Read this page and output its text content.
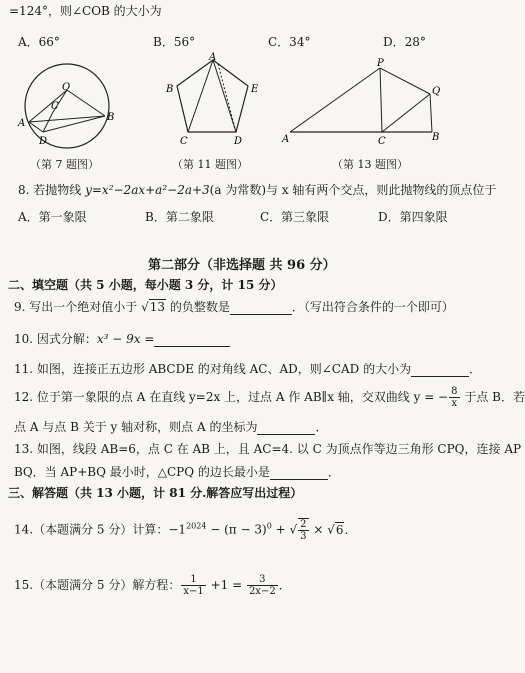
=124°，则∠COB 的大小为
A．66°	B．56°	C．34°	D．28°
O
C
A
B
D
A
B	E
C	D
P
Q
A	C	B
（第 7 题图）	（第 11 题图）	（第 13 题图）
8. 若抛物线 y=x²−2ax+a²−2a+3(a 为常数)与 x 轴有两个交点，则此抛物线的顶点位于
A．第一象限	B．第二象限	C．第三象限	D．第四象限
第二部分（非选择题 共 96 分）
二、填空题（共 5 小题，每小题 3 分，计 15 分）
9. 写出一个绝对值小于 √13 的负整数是	．（写出符合条件的一个即可）
10. 因式分解：x³ − 9x =
11. 如图，连接正五边形 ABCDE 的对角线 AC、AD，则∠CAD 的大小为	．
12. 位于第一象限的点 A 在直线 y=2x 上，过点 A 作 AB∥x 轴，交双曲线 y = − $\frac{8}{x}$ 于点 B．若
点 A 与点 B 关于 y 轴对称，则点 A 的坐标为	．
13. 如图，线段 AB=6，点 C 在 AB 上，且 AC=4. 以 C 为顶点作等边三角形 CPQ，连接 AP
BQ．当 AP+BQ 最小时，△CPQ 的边长最小是	．
三、解答题（共 13 小题，计 81 分.解答应写出过程）
14.（本题满分 5 分）计算：$-1^{2024} - (\pi - 3)^0$ + √ $\frac{2}{3} \times √6$．
15.（本题满分 5 分）解方程： $\frac{1}{x-1} +1 = \frac{3}{2x-2}$ ．
